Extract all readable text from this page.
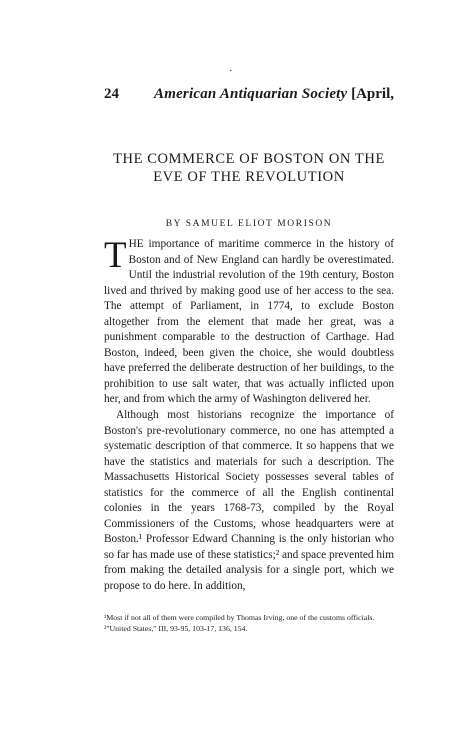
·
24 American Antiquarian Society [April,
THE COMMERCE OF BOSTON ON THE
EVE OF THE REVOLUTION
BY SAMUEL ELIOT MORISON

THE importance of maritime commerce in the history of Boston and of New England can hardly be overestimated. Until the industrial revolution of the 19th century, Boston lived and thrived by making good use of her access to the sea. The attempt of Parliament, in 1774, to exclude Boston altogether from the element that made her great, was a punishment comparable to the destruction of Carthage. Had Boston, indeed, been given the choice, she would doubtless have preferred the deliberate destruction of her buildings, to the prohibition to use salt water, that was actually inflicted upon her, and from which the army of Washington delivered her.

Although most historians recognize the importance of Boston's pre-revolutionary commerce, no one has attempted a systematic description of that commerce. It so happens that we have the statistics and materials for such a description. The Massachusetts Historical Society possesses several tables of statistics for the commerce of all the English continental colonies in the years 1768-73, compiled by the Royal Commissioners of the Customs, whose headquarters were at Boston.¹ Professor Edward Channing is the only historian who so far has made use of these statistics;² and space prevented him from making the detailed analysis for a single port, which we propose to do here. In addition,

¹Most if not all of them were compiled by Thomas Irving, one of the customs officials.
²"United States," III, 93-95, 103-17, 136, 154.
